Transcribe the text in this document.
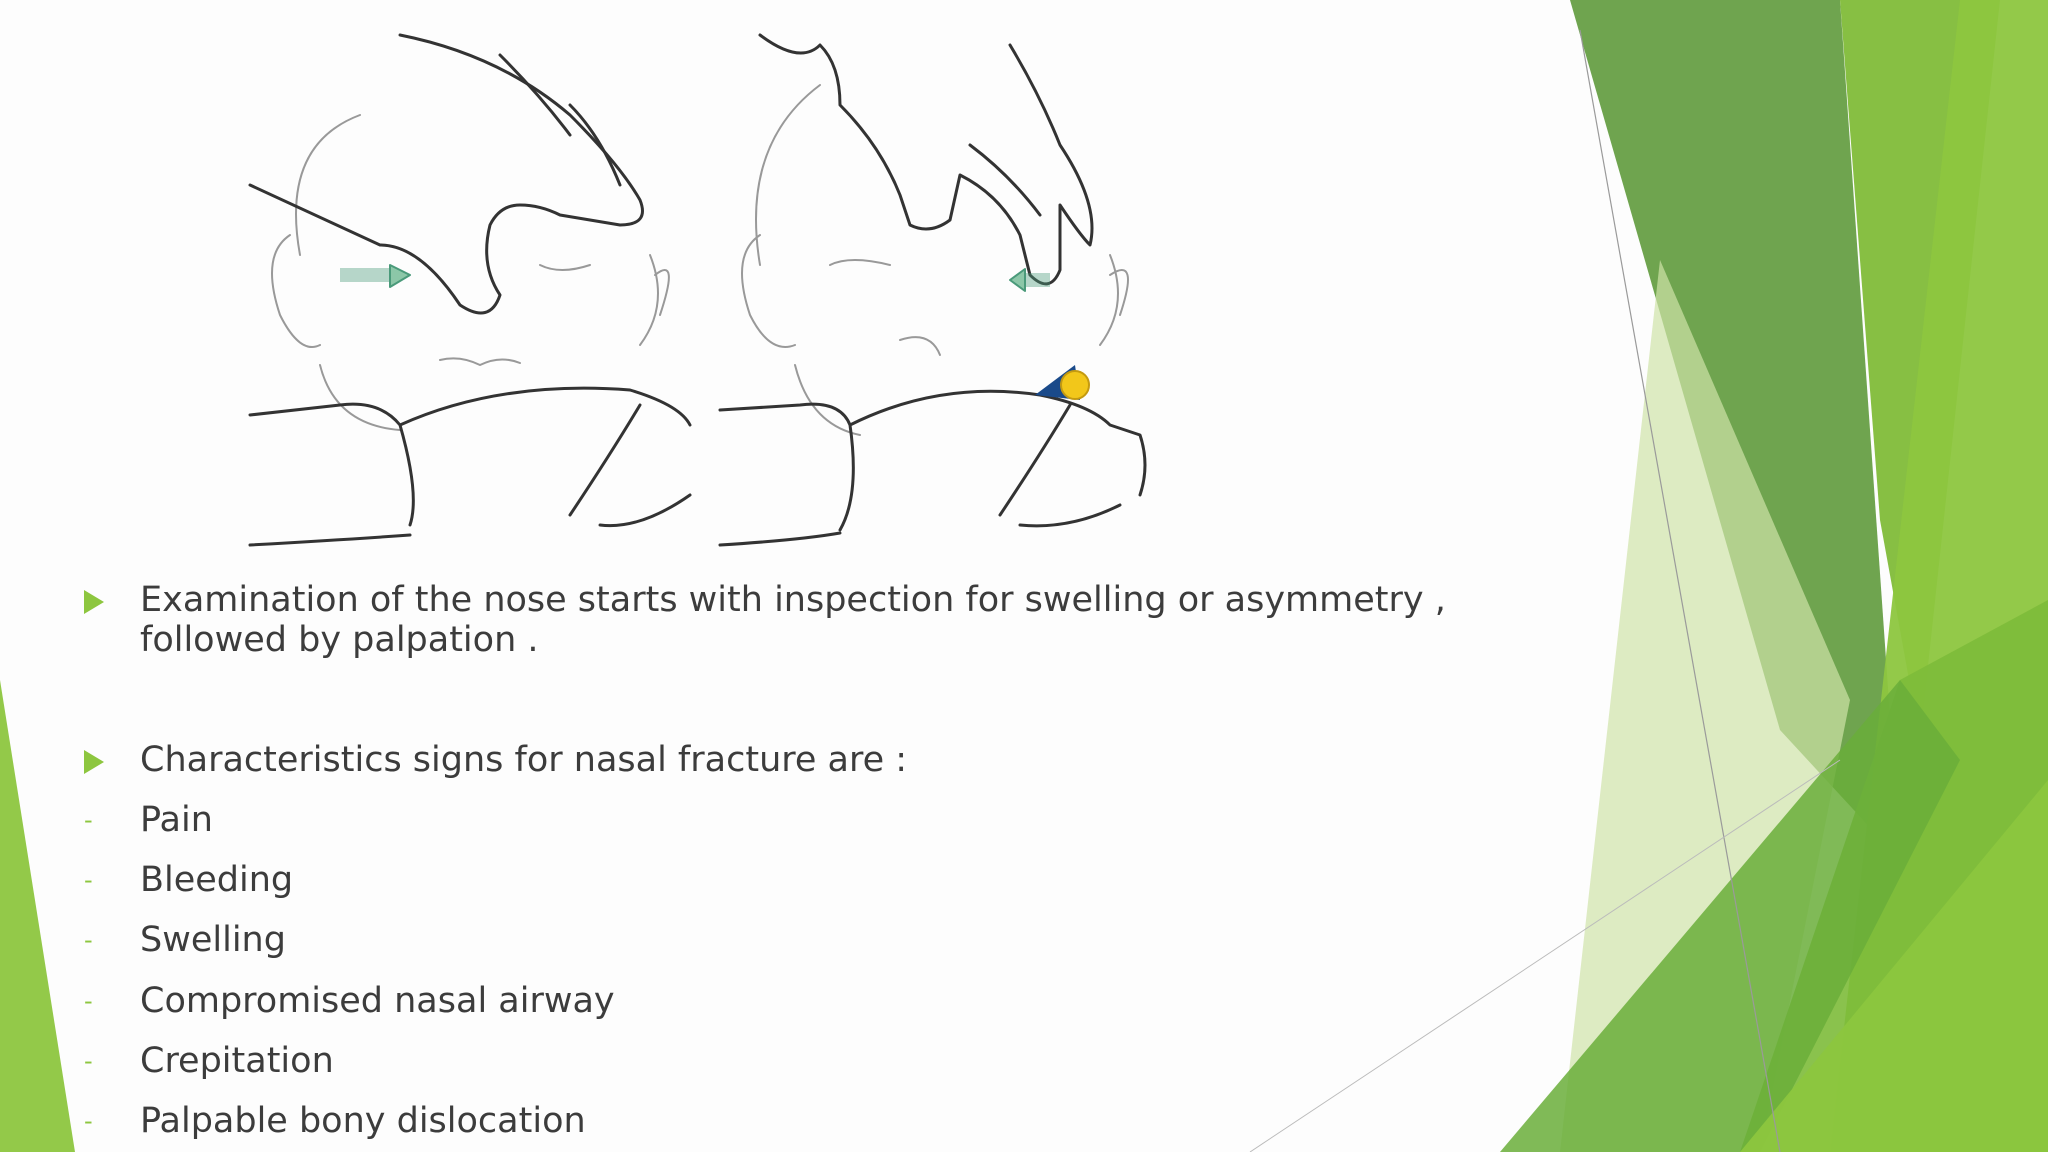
Examination of the nose starts with inspection for swelling or asymmetry , followed by palpation .
Characteristics signs for nasal fracture are :
-	Pain
-	Bleeding
-	Swelling
-	Compromised nasal airway
-	Crepitation
-	Palpable bony dislocation
